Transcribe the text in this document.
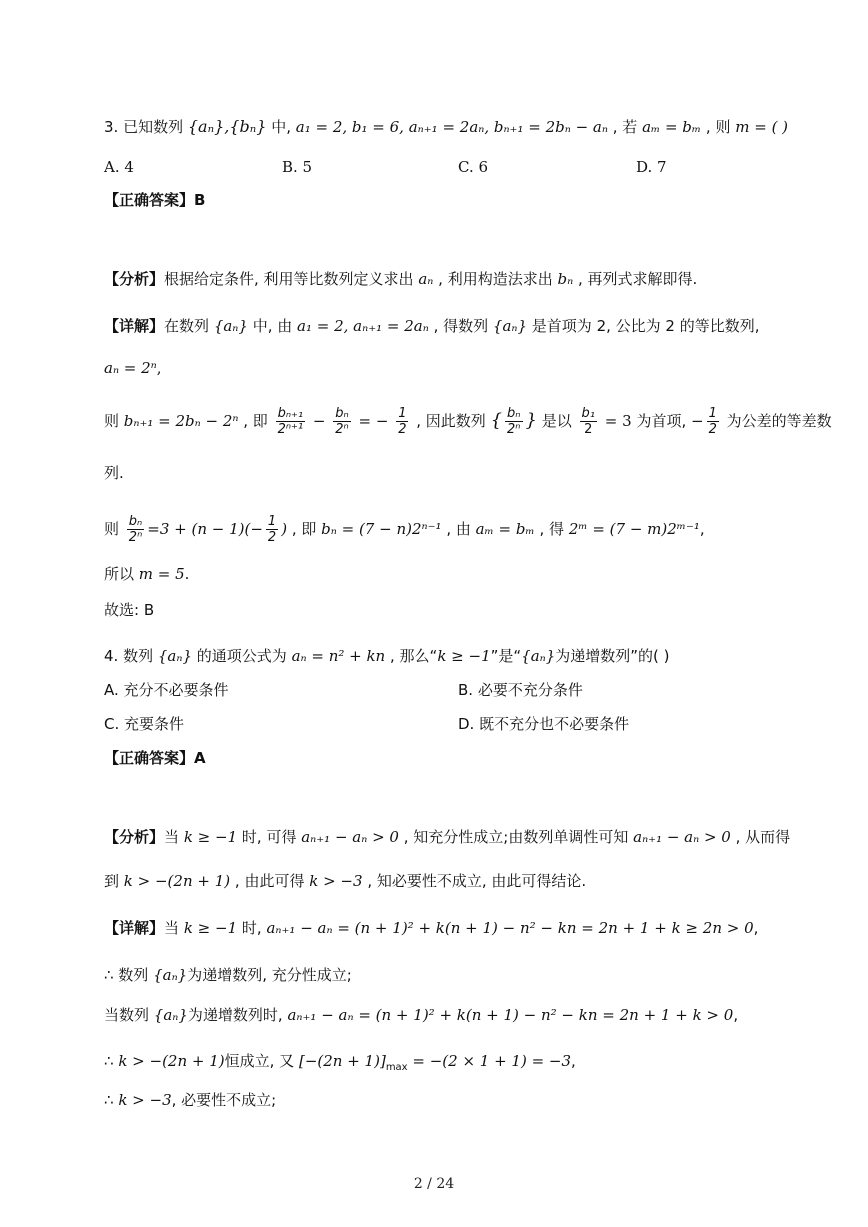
3. 已知数列 {aₙ},{bₙ} 中, a₁ = 2, b₁ = 6, aₙ₊₁ = 2aₙ, bₙ₊₁ = 2bₙ − aₙ , 若 aₘ = bₘ , 则 m = ( )
A. 4	B. 5	C. 6	D. 7
【正确答案】B
【分析】根据给定条件, 利用等比数列定义求出 aₙ , 利用构造法求出 bₙ , 再列式求解即得.
【详解】在数列 {aₙ} 中, 由 a₁ = 2, aₙ₊₁ = 2aₙ , 得数列 {aₙ} 是首项为 2, 公比为 2 的等比数列,
aₙ = 2ⁿ,
则 bₙ₊₁ = 2bₙ − 2ⁿ , 即 $\frac{\text{bₙ₊₁}}{\text{2ⁿ⁺¹}} - \frac{\text{bₙ}}{\text{2ⁿ}}$ = − $\frac{1}{2}$ , 因此数列 { $\frac{\text{bₙ}}{\text{2ⁿ}}$ } 是以 $\frac{\text{b₁}}{2} = 3$ 为首项, − $\frac{1}{2}$ 为公差的等差数
列.
则 $\frac{\text{bₙ}}{\text{2ⁿ}} =3 + (n - 1)(- \frac{1}{2}$ ) , 即 bₙ = (7 − n)2ⁿ⁻¹ , 由 aₘ = bₘ , 得 2ᵐ = (7 − m)2ᵐ⁻¹,
所以 m = 5.
故选: B
4. 数列 {aₙ} 的通项公式为 aₙ = n² + kn , 那么“k ≥ −1”是“{aₙ}为递增数列”的( )
A. 充分不必要条件	B. 必要不充分条件
C. 充要条件	D. 既不充分也不必要条件
【正确答案】A
【分析】当 k ≥ −1 时, 可得 aₙ₊₁ − aₙ > 0 , 知充分性成立;由数列单调性可知 aₙ₊₁ − aₙ > 0 , 从而得
到 k > −(2n + 1) , 由此可得 k > −3 , 知必要性不成立, 由此可得结论.
【详解】当 k ≥ −1 时, aₙ₊₁ − aₙ = (n + 1)² + k(n + 1) − n² − kn = 2n + 1 + k ≥ 2n > 0,
∴ 数列 {aₙ}为递增数列, 充分性成立;
当数列 {aₙ}为递增数列时, aₙ₊₁ − aₙ = (n + 1)² + k(n + 1) − n² − kn = 2n + 1 + k > 0,
∴ k > −(2n + 1)恒成立, 又 $[-(2n + 1)]_{max} = -(2 \times 1 + 1) = -3$,
∴ k > −3, 必要性不成立;
2 / 24
